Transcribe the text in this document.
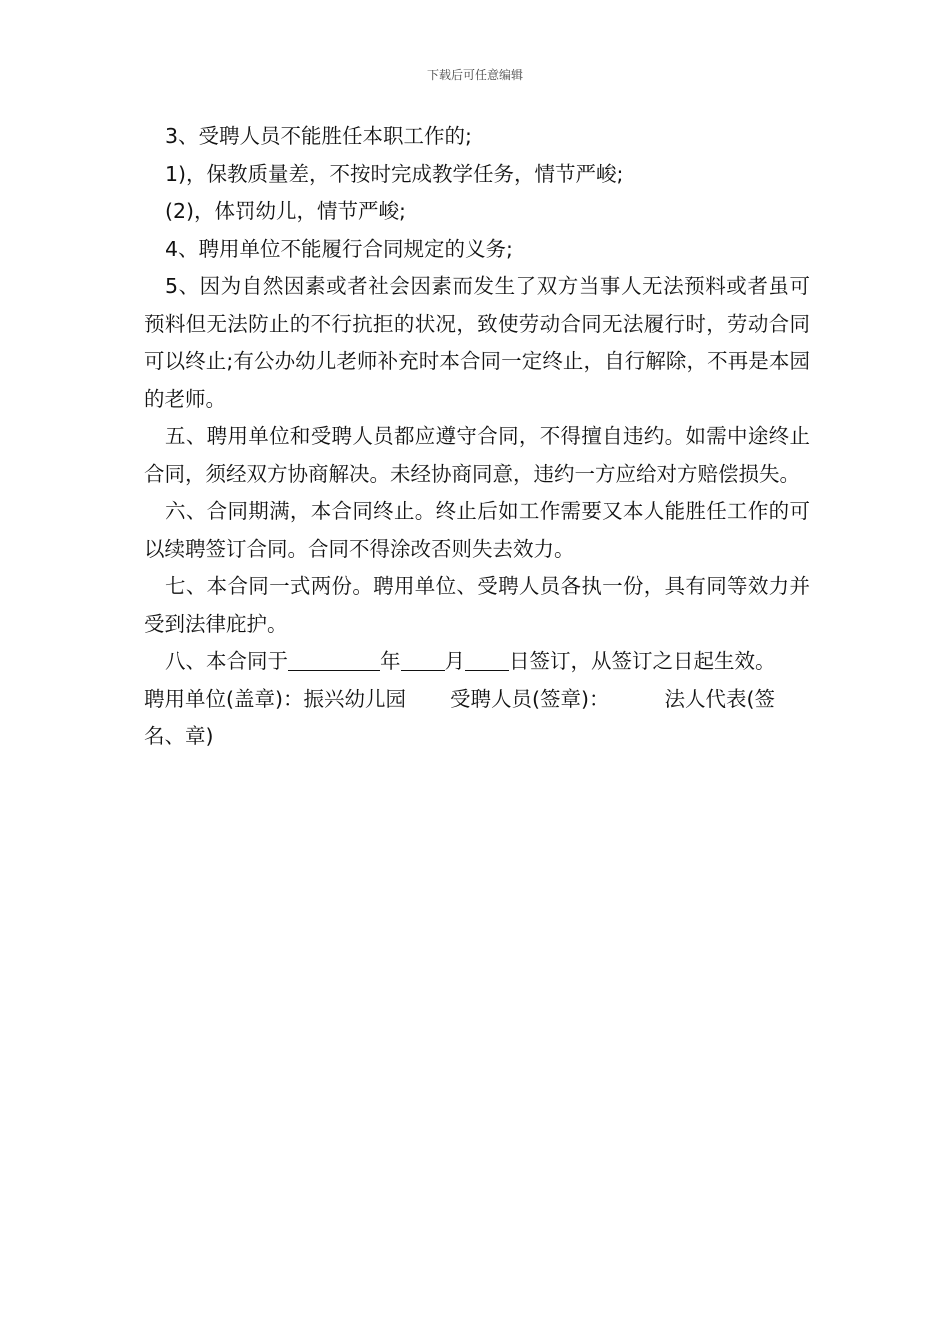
下载后可任意编辑

3、受聘人员不能胜任本职工作的;

1)，保教质量差，不按时完成教学任务，情节严峻;

(2)，体罚幼儿，情节严峻;

4、聘用单位不能履行合同规定的义务;

5、因为自然因素或者社会因素而发生了双方当事人无法预料或者虽可预料但无法防止的不行抗拒的状况，致使劳动合同无法履行时，劳动合同可以终止;有公办幼儿老师补充时本合同一定终止，自行解除，不再是本园的老师。

五、聘用单位和受聘人员都应遵守合同，不得擅自违约。如需中途终止合同，须经双方协商解决。未经协商同意，违约一方应给对方赔偿损失。

六、合同期满，本合同终止。终止后如工作需要又本人能胜任工作的可以续聘签订合同。合同不得涂改否则失去效力。

七、本合同一式两份。聘用单位、受聘人员各执一份，具有同等效力并受到法律庇护。

八、本合同于	年 月 日签订，从签订之日起生效。

聘用单位(盖章)：振兴幼儿园 受聘人员(签章)：	法人代表(签名、章)
